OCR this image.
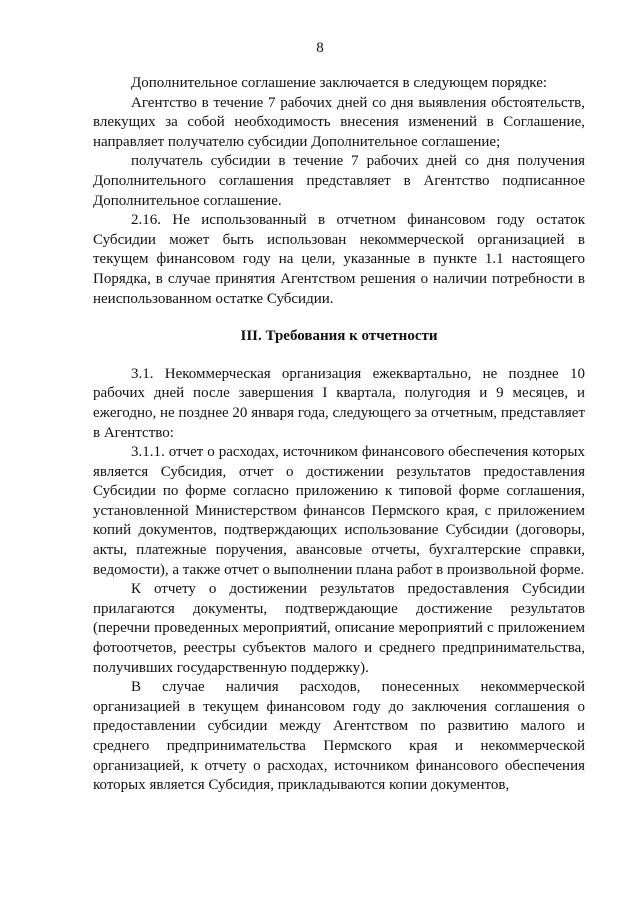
8

Дополнительное соглашение заключается в следующем порядке:

Агентство в течение 7 рабочих дней со дня выявления обстоятельств, влекущих за собой необходимость внесения изменений в Соглашение, направляет получателю субсидии Дополнительное соглашение;

получатель субсидии в течение 7 рабочих дней со дня получения Дополнительного соглашения представляет в Агентство подписанное Дополнительное соглашение.

2.16. Не использованный в отчетном финансовом году остаток Субсидии может быть использован некоммерческой организацией в текущем финансовом году на цели, указанные в пункте 1.1 настоящего Порядка, в случае принятия Агентством решения о наличии потребности в неиспользованном остатке Субсидии.

III. Требования к отчетности

3.1. Некоммерческая организация ежеквартально, не позднее 10 рабочих дней после завершения I квартала, полугодия и 9 месяцев, и ежегодно, не позднее 20 января года, следующего за отчетным, представляет в Агентство:

3.1.1. отчет о расходах, источником финансового обеспечения которых является Субсидия, отчет о достижении результатов предоставления Субсидии по форме согласно приложению к типовой форме соглашения, установленной Министерством финансов Пермского края, с приложением копий документов, подтверждающих использование Субсидии (договоры, акты, платежные поручения, авансовые отчеты, бухгалтерские справки, ведомости), а также отчет о выполнении плана работ в произвольной форме.

К отчету о достижении результатов предоставления Субсидии прилагаются документы, подтверждающие достижение результатов (перечни проведенных мероприятий, описание мероприятий с приложением фотоотчетов, реестры субъектов малого и среднего предпринимательства, получивших государственную поддержку).

В случае наличия расходов, понесенных некоммерческой организацией в текущем финансовом году до заключения соглашения о предоставлении субсидии между Агентством по развитию малого и среднего предпринимательства Пермского края и некоммерческой организацией, к отчету о расходах, источником финансового обеспечения которых является Субсидия, прикладываются копии документов,
